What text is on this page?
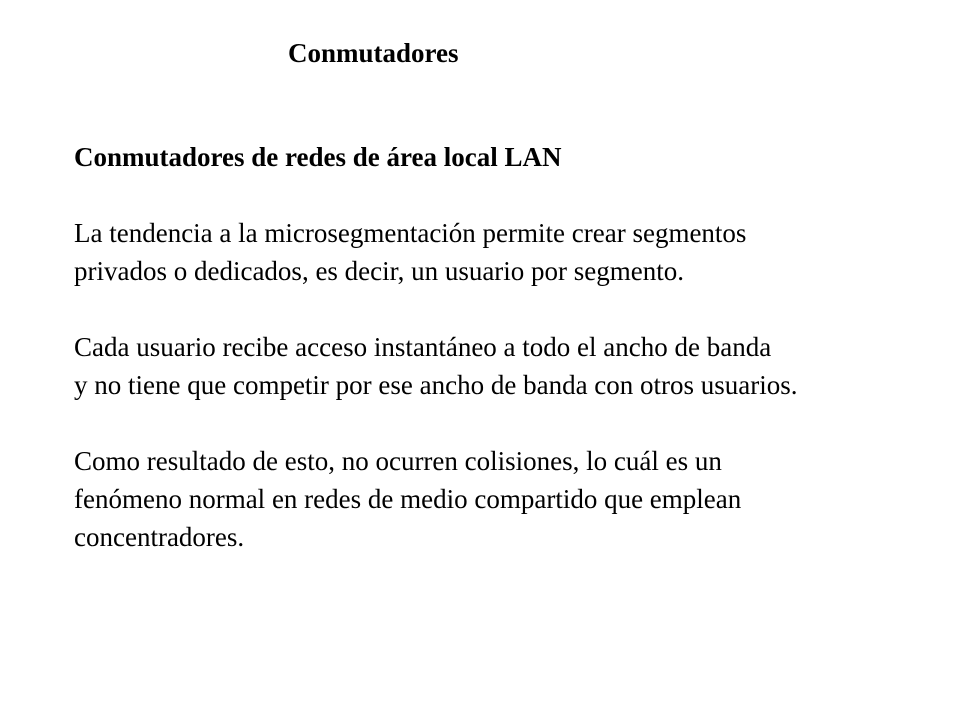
Conmutadores

Conmutadores de redes de área local LAN

La tendencia a la microsegmentación permite crear segmentos
privados o dedicados, es decir, un usuario por segmento.

Cada usuario recibe acceso instantáneo a todo el ancho de banda
y no tiene que competir por ese ancho de banda con otros usuarios.

Como resultado de esto, no ocurren colisiones, lo cuál es un
fenómeno normal en redes de medio compartido que emplean
concentradores.
